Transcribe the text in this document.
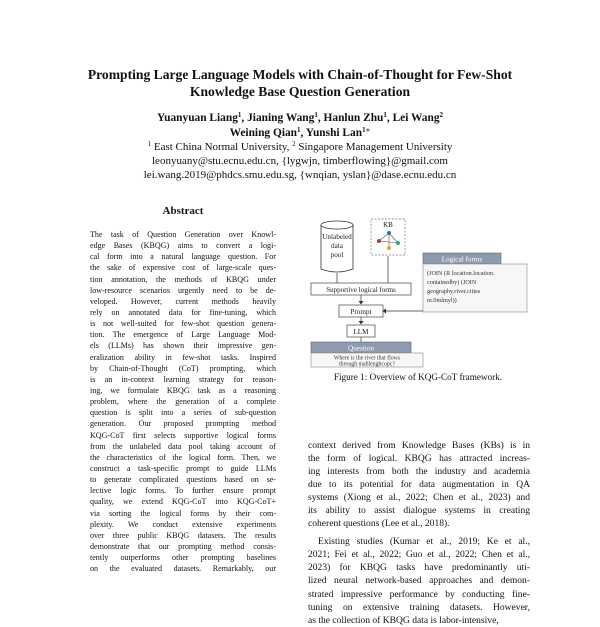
Prompting Large Language Models with Chain-of-Thought for Few-Shot
Knowledge Base Question Generation
Yuanyuan Liang$^1$, Jianing Wang$^1$, Hanlun Zhu$^1$, Lei Wang$^2$
Weining Qian$^1$, Yunshi Lan$^{1∗}$
$^1$ East China Normal University, $^2$ Singapore Management University
leonyuany@stu.ecnu.edu.cn, {lygwjn, timberflowing}@gmail.com
lei.wang.2019@phdcs.smu.edu.sg, {wnqian, yslan}@dase.ecnu.edu.cn
Abstract
The task of Question Generation over Knowl-
edge Bases (KBQG) aims to convert a logi-
cal form into a natural language question. For
the sake of expensive cost of large-scale ques-
tion annotation, the methods of KBQG under
low-resource scenarios urgently need to be de-
veloped. However, current methods heavily
rely on annotated data for fine-tuning, which
is not well-suited for few-shot question genera-
tion. The emergence of Large Language Mod-
els (LLMs) has shown their impressive gen-
eralization ability in few-shot tasks. Inspired
by Chain-of-Thought (CoT) prompting, which
is an in-context learning strategy for reason-
ing, we formulate KBQG task as a reasoning
problem, where the generation of a complete
question is split into a series of sub-question
generation. Our proposed prompting method
KQG-CoT first selects supportive logical forms
from the unlabeled data pool taking account of
the characteristics of the logical form. Then, we
construct a task-specific prompt to guide LLMs
to generate complicated questions based on se-
lective logic forms. To further ensure prompt
quality, we extend KQG-CoT into KQG-CoT+
via sorting the logical forms by their com-
plexity. We conduct extensive experiments
over three public KBQG datasets. The results
demonstrate that our prompting method consis-
tently outperforms other prompting baselines
on the evaluated datasets. Remarkably, our
Unlabeled
data
pool
KB
Supportive logical forms
Prompt
LLM
Logical forms
(JOIN (R location.location.
containedby) (JOIN
geography.river.cities
m.0mlmyl))
Question
Where is the river that flows
through mahlengbcopc?
Figure 1: Overview of KQG-CoT framework.
context derived from Knowledge Bases (KBs) is in
the form of logical. KBQG has attracted increas-
ing interests from both the industry and academia
due to its potential for data augmentation in QA
systems (Xiong et al., 2022; Chen et al., 2023) and
its ability to assist dialogue systems in creating
coherent questions (Lee et al., 2018).
Existing studies (Kumar et al., 2019; Ke et al.,
2021; Fei et al., 2022; Guo et al., 2022; Chen et al.,
2023) for KBQG tasks have predominantly uti-
lized neural network-based approaches and demon-
strated impressive performance by conducting fine-
tuning on extensive training datasets. However,
as the collection of KBQG data is labor-intensive,
